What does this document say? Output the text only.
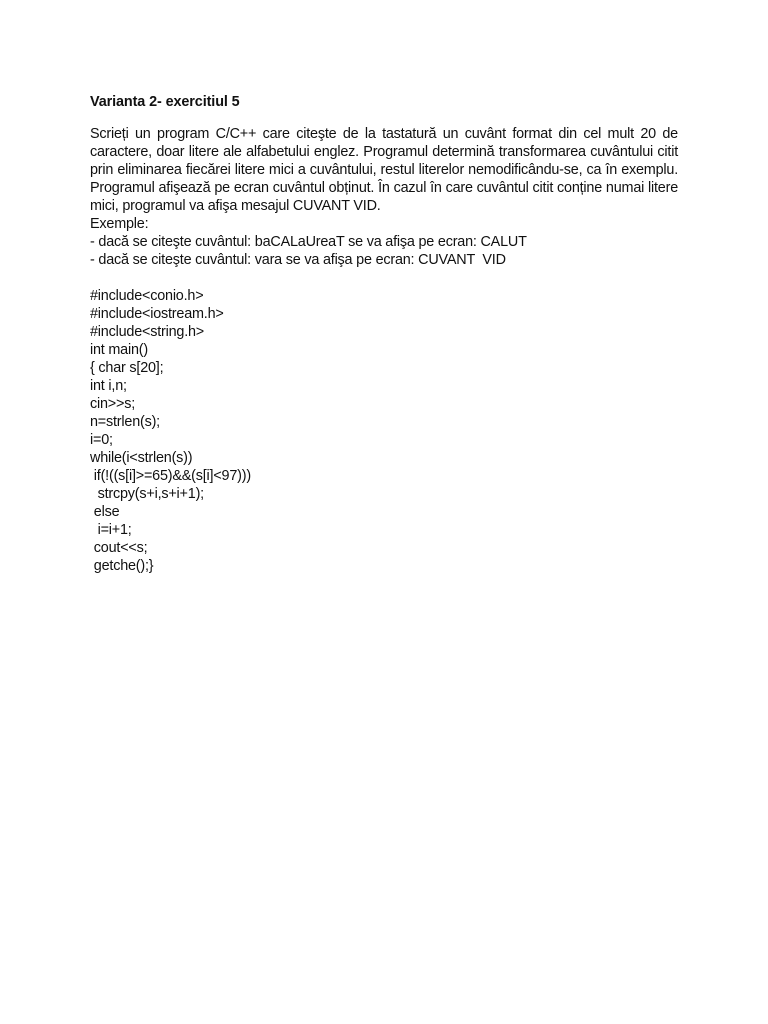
Varianta 2- exercitiul 5

Scrieți un program C/C++ care citeşte de la tastatură un cuvânt format din cel mult 20 de caractere, doar litere ale alfabetului englez. Programul determină transformarea cuvântului citit prin eliminarea fiecărei litere mici a cuvântului, restul literelor nemodificându-se, ca în exemplu. Programul afişează pe ecran cuvântul obținut. În cazul în care cuvântul citit conține numai litere mici, programul va afişa mesajul CUVANT VID.

Exemple:

- dacă se citeşte cuvântul: baCALaUreaT se va afişa pe ecran: CALUT

- dacă se citeşte cuvântul: vara se va afişa pe ecran: CUVANT  VID

#include<conio.h>

#include<iostream.h>

#include<string.h>

int main()

{ char s[20];

int i,n;

cin>>s;

n=strlen(s);

i=0;

while(i<strlen(s))

if(!((s[i]>=65)&&(s[i]<97)))

strcpy(s+i,s+i+1);

else

i=i+1;

cout<<s;

getche();}
